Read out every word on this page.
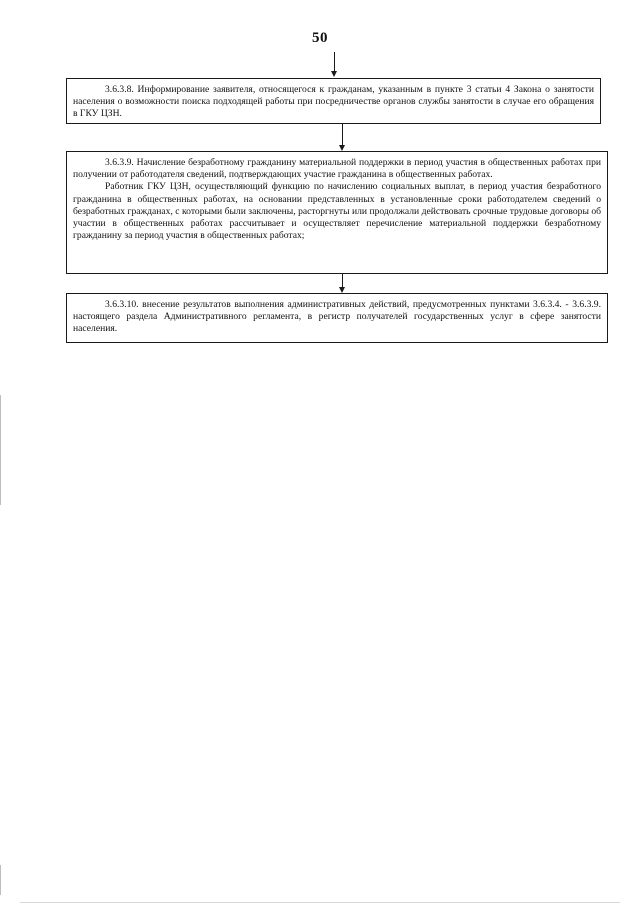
50

3.6.3.8. Информирование заявителя, относящегося к гражданам, указанным в пункте 3 статьи 4 Закона о занятости населения о возможности поиска подходящей работы при посредничестве органов службы занятости в случае его обращения в ГКУ ЦЗН.

3.6.3.9. Начисление безработному гражданину материальной поддержки в период участия в общественных работах при получении от работодателя сведений, подтверждающих участие гражданина в общественных работах.

Работник ГКУ ЦЗН, осуществляющий функцию по начислению социальных выплат, в период участия безработного гражданина в общественных работах, на основании представленных в установленные сроки работодателем сведений о безработных гражданах, с которыми были заключены, расторгнуты или продолжали действовать срочные трудовые договоры об участии в общественных работах рассчитывает и осуществляет перечисление материальной поддержки безработному гражданину за период участия в общественных работах;

3.6.3.10. внесение результатов выполнения административных действий, предусмотренных пунктами 3.6.3.4. - 3.6.3.9. настоящего раздела Административного регламента, в регистр получателей государственных услуг в сфере занятости населения.
